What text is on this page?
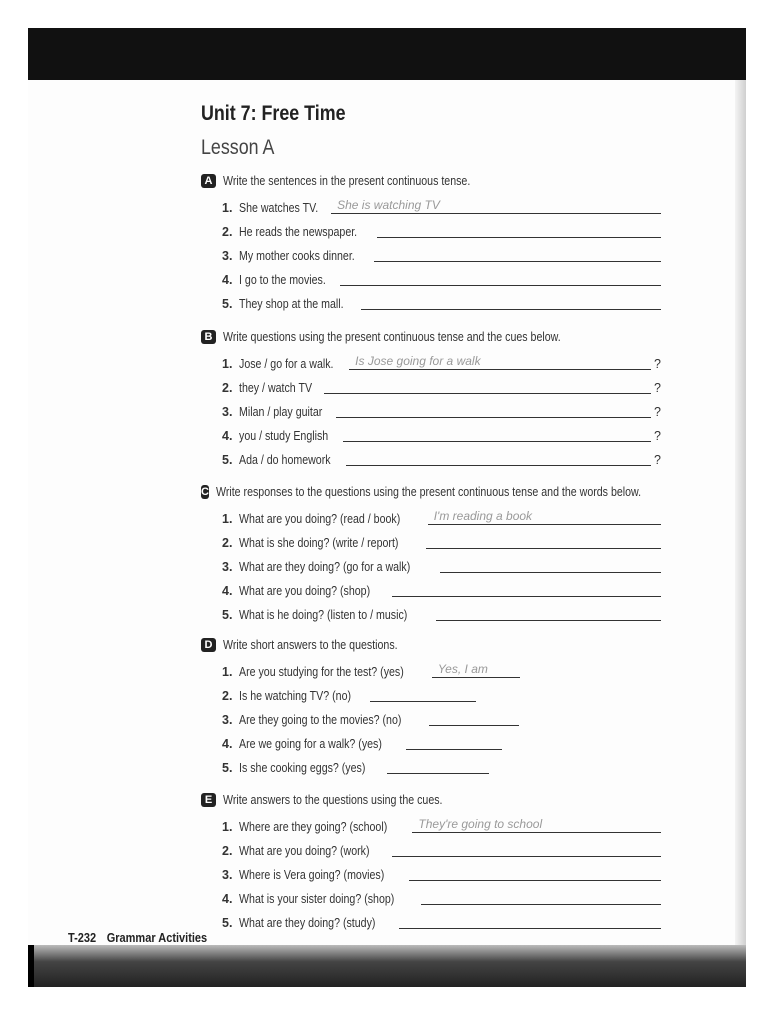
Unit 7: Free Time
Lesson A
A Write the sentences in the present continuous tense.
1. She watches TV. She is watching TV
2. He reads the newspaper.
3. My mother cooks dinner.
4. I go to the movies.
5. They shop at the mall.
B Write questions using the present continuous tense and the cues below.
1. Jose / go for a walk. Is Jose going for a walk	?
2. they / watch TV	?
3. Milan / play guitar	?
4. you / study English	?
5. Ada / do homework	?
C Write responses to the questions using the present continuous tense and the words below.
1. What are you doing? (read / book)	I'm reading a book
2. What is she doing? (write / report)
3. What are they doing? (go for a walk)
4. What are you doing? (shop)
5. What is he doing? (listen to / music)
D Write short answers to the questions.
1. Are you studying for the test? (yes)	Yes, I am
2. Is he watching TV? (no)
3. Are they going to the movies? (no)
4. Are we going for a walk? (yes)
5. Is she cooking eggs? (yes)
E Write answers to the questions using the cues.
1. Where are they going? (school)	They're going to school
2. What are you doing? (work)
3. Where is Vera going? (movies)
4. What is your sister doing? (shop)
5. What are they doing? (study)
T-232 Grammar Activities
